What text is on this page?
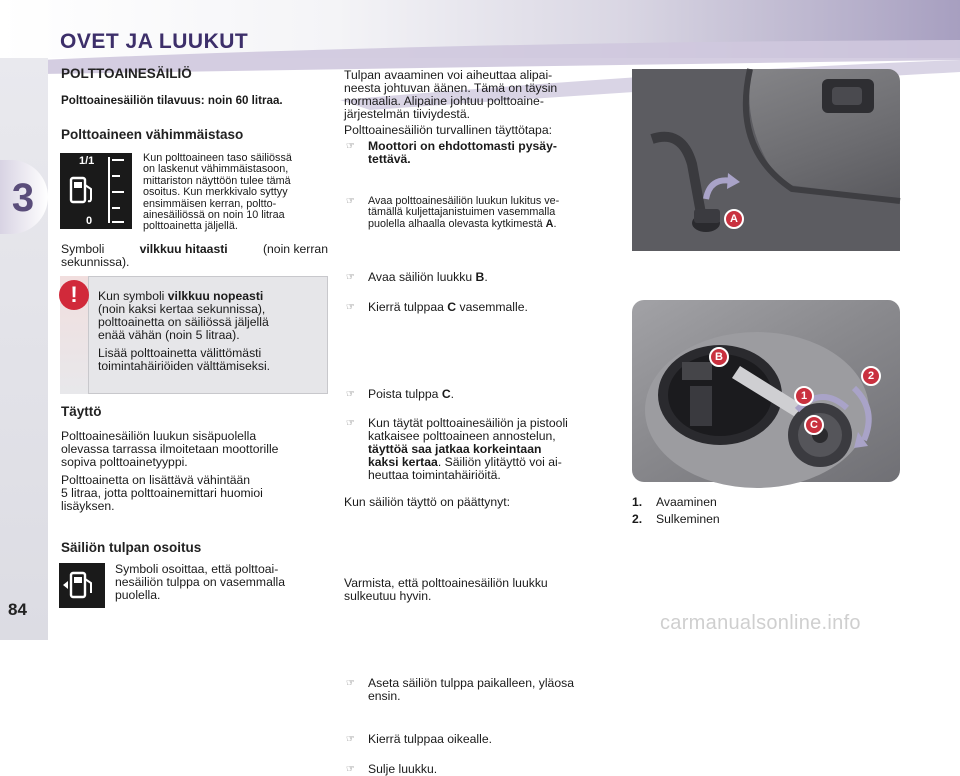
3
84
OVET JA LUUKUT
POLTTOAINESÄILIÖ
Polttoainesäiliön tilavuus: noin 60 litraa.
Polttoaineen vähimmäistaso
1/1
0
Kun polttoaineen taso säiliössä
on laskenut vähimmäistasoon,
mittariston näyttöön tulee tämä
osoitus. Kun merkkivalo syttyy
ensimmäisen kerran, poltto-
ainesäiliössä on noin 10 litraa
polttoainetta jäljellä.
Symboli	vilkkuu hitaasti	(noin kerran
sekunnissa).
!	Kun symboli vilkkuu nopeasti
(noin kaksi kertaa sekunnissa),
polttoainetta on säiliössä jäljellä
enää vähän (noin 5 litraa).
Lisää polttoainetta välittömästi
toimintahäiriöiden välttämiseksi.
Täyttö
Polttoainesäiliön luukun sisäpuolella
olevassa tarrassa ilmoitetaan moottorille
sopiva polttoainetyyppi.
Polttoainetta on lisättävä vähintään
5 litraa, jotta polttoainemittari huomioi
lisäyksen.
Säiliön tulpan osoitus
Symboli osoittaa, että polttoai-
nesäiliön tulppa on vasemmalla
puolella.
Tulpan avaaminen voi aiheuttaa alipai-
neesta johtuvan äänen. Tämä on täysin
normaalia. Alipaine johtuu polttoaine-
järjestelmän tiiviydestä.
Polttoainesäiliön turvallinen täyttötapa:
☞ Moottori on ehdottomasti pysäy-
tettävä.
☞ Avaa polttoainesäiliön luukun lukitus ve-
tämällä kuljettajanistuimen vasemmalla
puolella alhaalla olevasta kytkimestä A.
☞ Avaa säiliön luukku B.
☞ Kierrä tulppaa C vasemmalle.
☞ Poista tulppa C.
☞ Kun täytät polttoainesäiliön ja pistooli
katkaisee polttoaineen annostelun,
täyttöä saa jatkaa korkeintaan
kaksi kertaa. Säiliön ylitäyttö voi ai-
heuttaa toimintahäiriöitä.
Kun säiliön täyttö on päättynyt:
☞ Aseta säiliön tulppa paikalleen, yläosa
ensin.
☞ Kierrä tulppaa oikealle.
☞ Sulje luukku.
Varmista, että polttoainesäiliön luukku
sulkeutuu hyvin.
A
B
1
2
C
1.	Avaaminen
2.	Sulkeminen
carmanualsonline.info
